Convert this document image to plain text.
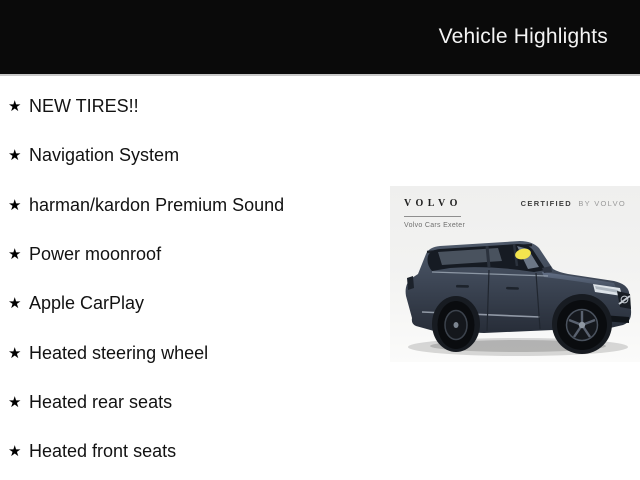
Vehicle Highlights
★ NEW TIRES!!
★ Navigation System
★ harman/kardon Premium Sound
★ Power moonroof
★ Apple CarPlay
★ Heated steering wheel
★ Heated rear seats
★ Heated front seats
VOLVO
Volvo Cars Exeter
CERTIFIED BY VOLVO
